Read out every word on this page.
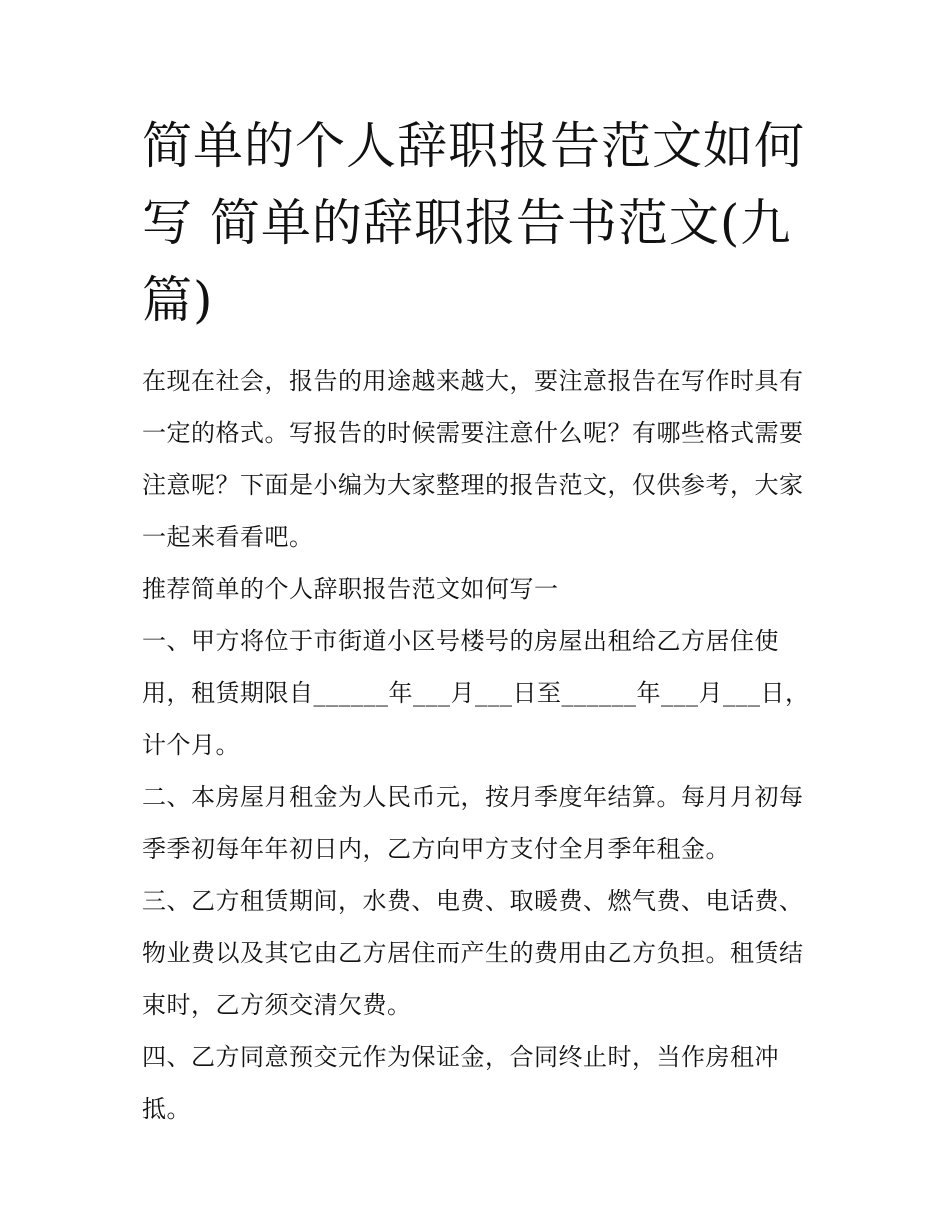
简单的个人辞职报告范文如何写 简单的辞职报告书范文(九篇)

在现在社会，报告的用途越来越大，要注意报告在写作时具有一定的格式。写报告的时候需要注意什么呢？有哪些格式需要注意呢？下面是小编为大家整理的报告范文，仅供参考，大家一起来看看吧。

推荐简单的个人辞职报告范文如何写一

一、甲方将位于市街道小区号楼号的房屋出租给乙方居住使用，租赁期限自______年___月___日至______年___月___日，计个月。

二、本房屋月租金为人民币元，按月季度年结算。每月月初每季季初每年年初日内，乙方向甲方支付全月季年租金。

三、乙方租赁期间，水费、电费、取暖费、燃气费、电话费、物业费以及其它由乙方居住而产生的费用由乙方负担。租赁结束时，乙方须交清欠费。

四、乙方同意预交元作为保证金，合同终止时，当作房租冲抵。
